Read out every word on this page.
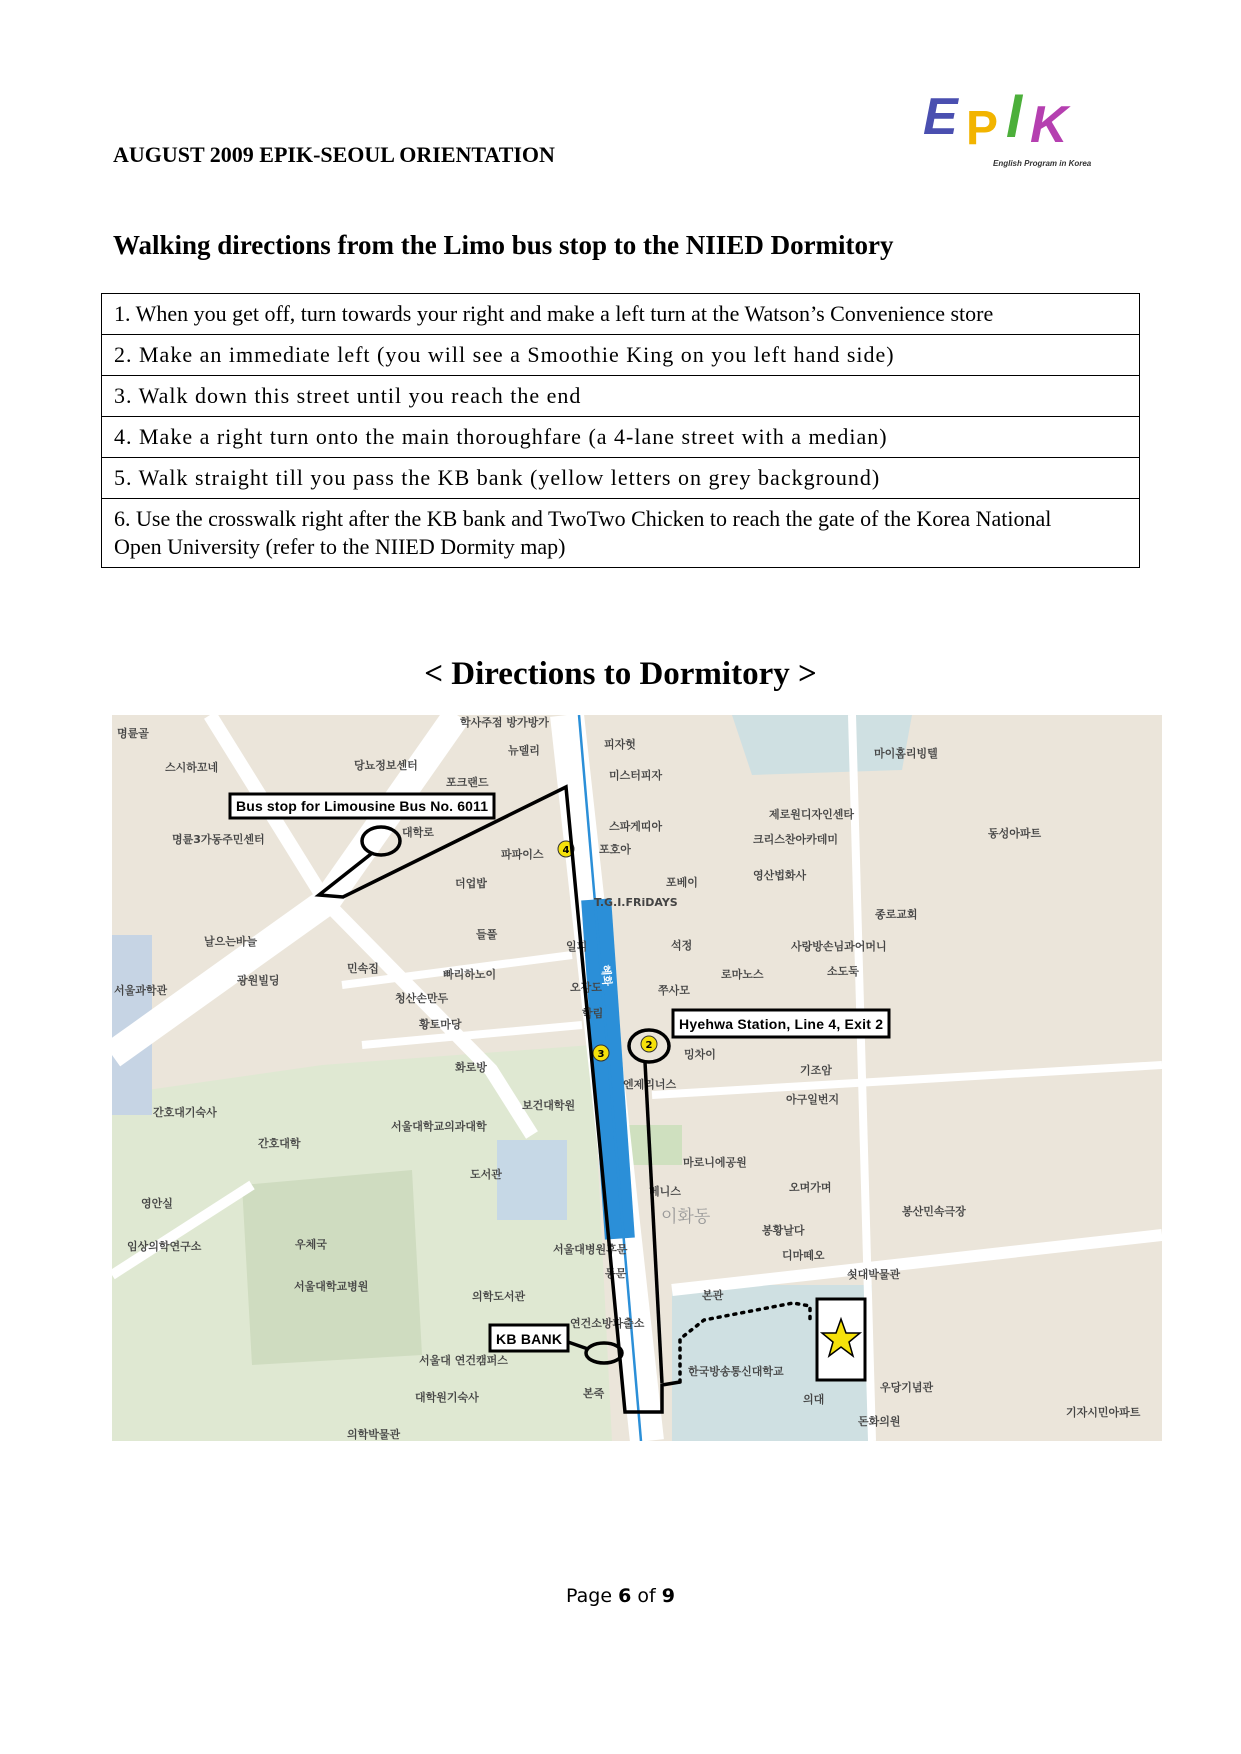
AUGUST 2009 EPIK-SEOUL ORIENTATION
E P l K
English Program in Korea
Walking directions from the Limo bus stop to the NIIED Dormitory
1. When you get off, turn towards your right and make a left turn at the Watson’s Convenience store
2. Make an immediate left (you will see a Smoothie King on you left hand side)
3. Walk down this street until you reach the end
4. Make a right turn onto the main thoroughfare (a 4-lane street with a median)
5. Walk straight till you pass the KB bank (yellow letters on grey background)
6. Use the crosswalk right after the KB bank and TwoTwo Chicken to reach the gate of the Korea National Open University (refer to the NIIED Dormity map)
< Directions to Dormitory >
혜화
명륜골
학사주점 방가방가
피자헛
마이홈리빙텔
스시하꼬네	당뇨정보센터
뉴델리
미스터피자
포크랜드
제로원디자인센타
동성아파트
명륜3가동주민센터
대학로	스파게띠아
크리스찬아카데미
파파이스	포호아
영산법화사
더업밥	포베이
T.G.I.FRiDAYS
종로교회
들풀
일피	석정	사랑방손님과어머니
날으는바늘
서울과학관
광원빌딩
민속집	빠리하노이	로마노스	소도둑
오감도	쭈사모
청산손만두
황토마당
학림
밍차이
화로방	기조암
엔제리너스
아구일번지
보건대학원
간호대기숙사
서울대학교의과대학
간호대학
마로니에공원
도서관
오며가며
영안실
봉산민속극장
베니스
이화동
봉황날다
임상의학연구소	우체국	서울대병원후문	디마떼오
쇳대박물관
동문
서울대학교병원
의학도서관	본관
연건소방파출소
서울대 연건캠퍼스
한국방송통신대학교
우당기념관
대학원기숙사	본죽	의대
기자시민아파트
돈화의원
의학박물관
4
3
2
Bus stop for Limousine Bus No. 6011
Hyehwa Station, Line 4, Exit 2
KB BANK
Page 6 of 9
